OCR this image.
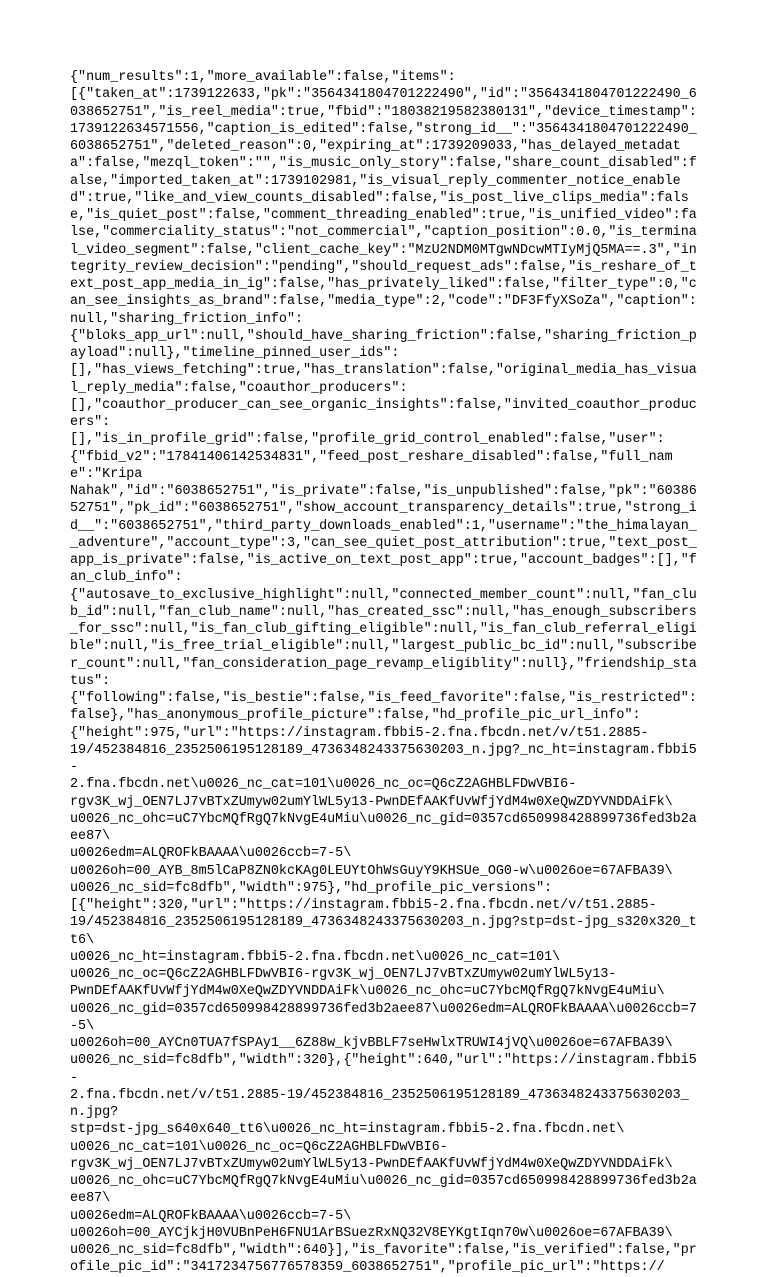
{"num_results":1,"more_available":false,"items":
[{"taken_at":1739122633,"pk":"3564341804701222490","id":"3564341804701222490_6038652751","is_reel_media":true,"fbid":"18038219582380131","device_timestamp":1739122634571556,"caption_is_edited":false,"strong_id__":"3564341804701222490_6038652751","deleted_reason":0,"expiring_at":1739209033,"has_delayed_metadata":false,"mezql_token":"","is_music_only_story":false,"share_count_disabled":false,"imported_taken_at":1739102981,"is_visual_reply_commenter_notice_enabled":true,"like_and_view_counts_disabled":false,"is_post_live_clips_media":false,"is_quiet_post":false,"comment_threading_enabled":true,"is_unified_video":false,"commerciality_status":"not_commercial","caption_position":0.0,"is_terminal_video_segment":false,"client_cache_key":"MzU2NDM0MTgwNDcwMTIyMjQ5MA==.3","integrity_review_decision":"pending","should_request_ads":false,"is_reshare_of_text_post_app_media_in_ig":false,"has_privately_liked":false,"filter_type":0,"can_see_insights_as_brand":false,"media_type":2,"code":"DF3FfyXSoZa","caption":null,"sharing_friction_info":
{"bloks_app_url":null,"should_have_sharing_friction":false,"sharing_friction_payload":null},"timeline_pinned_user_ids":
[],"has_views_fetching":true,"has_translation":false,"original_media_has_visual_reply_media":false,"coauthor_producers":
[],"coauthor_producer_can_see_organic_insights":false,"invited_coauthor_producers":
[],"is_in_profile_grid":false,"profile_grid_control_enabled":false,"user":
{"fbid_v2":"17841406142534831","feed_post_reshare_disabled":false,"full_name":"Kripa
Nahak","id":"6038652751","is_private":false,"is_unpublished":false,"pk":"6038652751","pk_id":"6038652751","show_account_transparency_details":true,"strong_id__":"6038652751","third_party_downloads_enabled":1,"username":"the_himalayan__adventure","account_type":3,"can_see_quiet_post_attribution":true,"text_post_app_is_private":false,"is_active_on_text_post_app":true,"account_badges":[],"fan_club_info":
{"autosave_to_exclusive_highlight":null,"connected_member_count":null,"fan_club_id":null,"fan_club_name":null,"has_created_ssc":null,"has_enough_subscribers_for_ssc":null,"is_fan_club_gifting_eligible":null,"is_fan_club_referral_eligible":null,"is_free_trial_eligible":null,"largest_public_bc_id":null,"subscriber_count":null,"fan_consideration_page_revamp_eligiblity":null},"friendship_status":
{"following":false,"is_bestie":false,"is_feed_favorite":false,"is_restricted":false},"has_anonymous_profile_picture":false,"hd_profile_pic_url_info":
{"height":975,"url":"https://instagram.fbbi5-2.fna.fbcdn.net/v/t51.2885-
19/452384816_2352506195128189_4736348243375630203_n.jpg?_nc_ht=instagram.fbbi5-
2.fna.fbcdn.net\u0026_nc_cat=101\u0026_nc_oc=Q6cZ2AGHBLFDwVBI6-
rgv3K_wj_OEN7LJ7vBTxZUmyw02umYlWL5y13-PwnDEfAAKfUvWfjYdM4w0XeQwZDYVNDDAiFk\
u0026_nc_ohc=uC7YbcMQfRgQ7kNvgE4uMiu\u0026_nc_gid=0357cd650998428899736fed3b2aee87\
u0026edm=ALQROFkBAAAA\u0026ccb=7-5\
u0026oh=00_AYB_8m5lCaP8ZN0kcKAg0LEUYtOhWsGuyY9KHSUe_OG0-w\u0026oe=67AFBA39\
u0026_nc_sid=fc8dfb","width":975},"hd_profile_pic_versions":
[{"height":320,"url":"https://instagram.fbbi5-2.fna.fbcdn.net/v/t51.2885-
19/452384816_2352506195128189_4736348243375630203_n.jpg?stp=dst-jpg_s320x320_tt6\
u0026_nc_ht=instagram.fbbi5-2.fna.fbcdn.net\u0026_nc_cat=101\
u0026_nc_oc=Q6cZ2AGHBLFDwVBI6-rgv3K_wj_OEN7LJ7vBTxZUmyw02umYlWL5y13-
PwnDEfAAKfUvWfjYdM4w0XeQwZDYVNDDAiFk\u0026_nc_ohc=uC7YbcMQfRgQ7kNvgE4uMiu\
u0026_nc_gid=0357cd650998428899736fed3b2aee87\u0026edm=ALQROFkBAAAA\u0026ccb=7-5\
u0026oh=00_AYCn0TUA7fSPAy1__6Z88w_kjvBBLF7seHwlxTRUWI4jVQ\u0026oe=67AFBA39\
u0026_nc_sid=fc8dfb","width":320},{"height":640,"url":"https://instagram.fbbi5-
2.fna.fbcdn.net/v/t51.2885-19/452384816_2352506195128189_4736348243375630203_n.jpg?
stp=dst-jpg_s640x640_tt6\u0026_nc_ht=instagram.fbbi5-2.fna.fbcdn.net\
u0026_nc_cat=101\u0026_nc_oc=Q6cZ2AGHBLFDwVBI6-
rgv3K_wj_OEN7LJ7vBTxZUmyw02umYlWL5y13-PwnDEfAAKfUvWfjYdM4w0XeQwZDYVNDDAiFk\
u0026_nc_ohc=uC7YbcMQfRgQ7kNvgE4uMiu\u0026_nc_gid=0357cd650998428899736fed3b2aee87\
u0026edm=ALQROFkBAAAA\u0026ccb=7-5\
u0026oh=00_AYCjkjH0VUBnPeH6FNU1ArBSuezRxNQ32V8EYKgtIqn70w\u0026oe=67AFBA39\
u0026_nc_sid=fc8dfb","width":640}],"is_favorite":false,"is_verified":false,"profile_pic_id":"3417234756776578359_6038652751","profile_pic_url":"https://
